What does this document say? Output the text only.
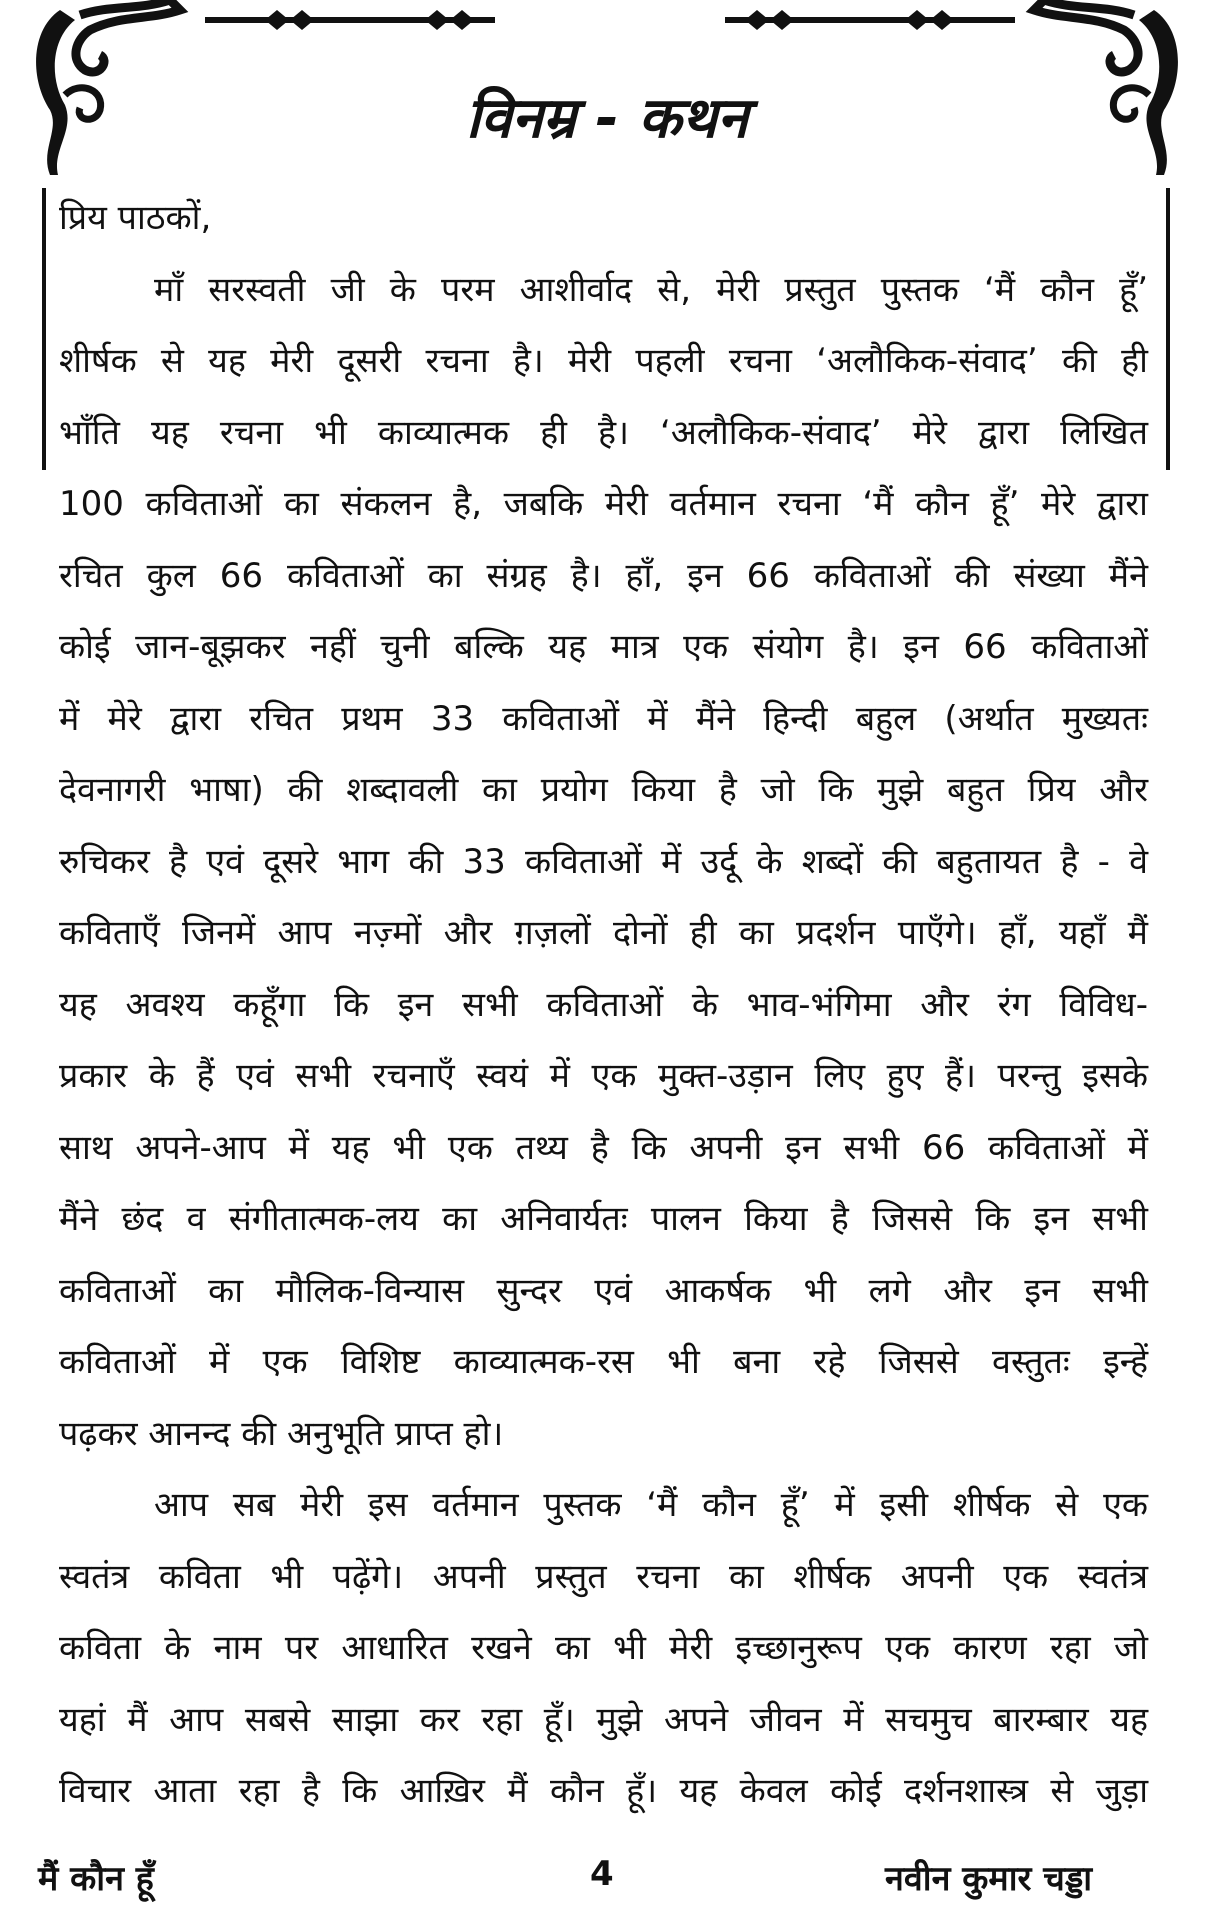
विनम्र - कथन
प्रिय पाठकों,
माँ सरस्वती जी के परम आशीर्वाद से, मेरी प्रस्तुत पुस्तक ‘मैं कौन हूँ’
शीर्षक से यह मेरी दूसरी रचना है। मेरी पहली रचना ‘अलौकिक-संवाद’ की ही
भाँति यह रचना भी काव्यात्मक ही है। ‘अलौकिक-संवाद’ मेरे द्वारा लिखित
100 कविताओं का संकलन है, जबकि मेरी वर्तमान रचना ‘मैं कौन हूँ’ मेरे द्वारा
रचित कुल 66 कविताओं का संग्रह है। हाँ, इन 66 कविताओं की संख्या मैंने
कोई जान-बूझकर नहीं चुनी बल्कि यह मात्र एक संयोग है। इन 66 कविताओं
में मेरे द्वारा रचित प्रथम 33 कविताओं में मैंने हिन्दी बहुल (अर्थात मुख्यतः
देवनागरी भाषा) की शब्दावली का प्रयोग किया है जो कि मुझे बहुत प्रिय और
रुचिकर है एवं दूसरे भाग की 33 कविताओं में उर्दू के शब्दों की बहुतायत है - वे
कविताएँ जिनमें आप नज़्मों और ग़ज़लों दोनों ही का प्रदर्शन पाएँगे। हाँ, यहाँ मैं
यह अवश्य कहूँगा कि इन सभी कविताओं के भाव-भंगिमा और रंग विविध-
प्रकार के हैं एवं सभी रचनाएँ स्वयं में एक मुक्त-उड़ान लिए हुए हैं। परन्तु इसके
साथ अपने-आप में यह भी एक तथ्य है कि अपनी इन सभी 66 कविताओं में
मैंने छंद व संगीतात्मक-लय का अनिवार्यतः पालन किया है जिससे कि इन सभी
कविताओं का मौलिक-विन्यास सुन्दर एवं आकर्षक भी लगे और इन सभी
कविताओं में एक विशिष्ट काव्यात्मक-रस भी बना रहे जिससे वस्तुतः इन्हें
पढ़कर आनन्द की अनुभूति प्राप्त हो।
आप सब मेरी इस वर्तमान पुस्तक ‘मैं कौन हूँ’ में इसी शीर्षक से एक
स्वतंत्र कविता भी पढ़ेंगे। अपनी प्रस्तुत रचना का शीर्षक अपनी एक स्वतंत्र
कविता के नाम पर आधारित रखने का भी मेरी इच्छानुरूप एक कारण रहा जो
यहां मैं आप सबसे साझा कर रहा हूँ। मुझे अपने जीवन में सचमुच बारम्बार यह
विचार आता रहा है कि आख़िर मैं कौन हूँ। यह केवल कोई दर्शनशास्त्र से जुड़ा
मैं कौन हूँ	4	नवीन कुमार चड्डा
